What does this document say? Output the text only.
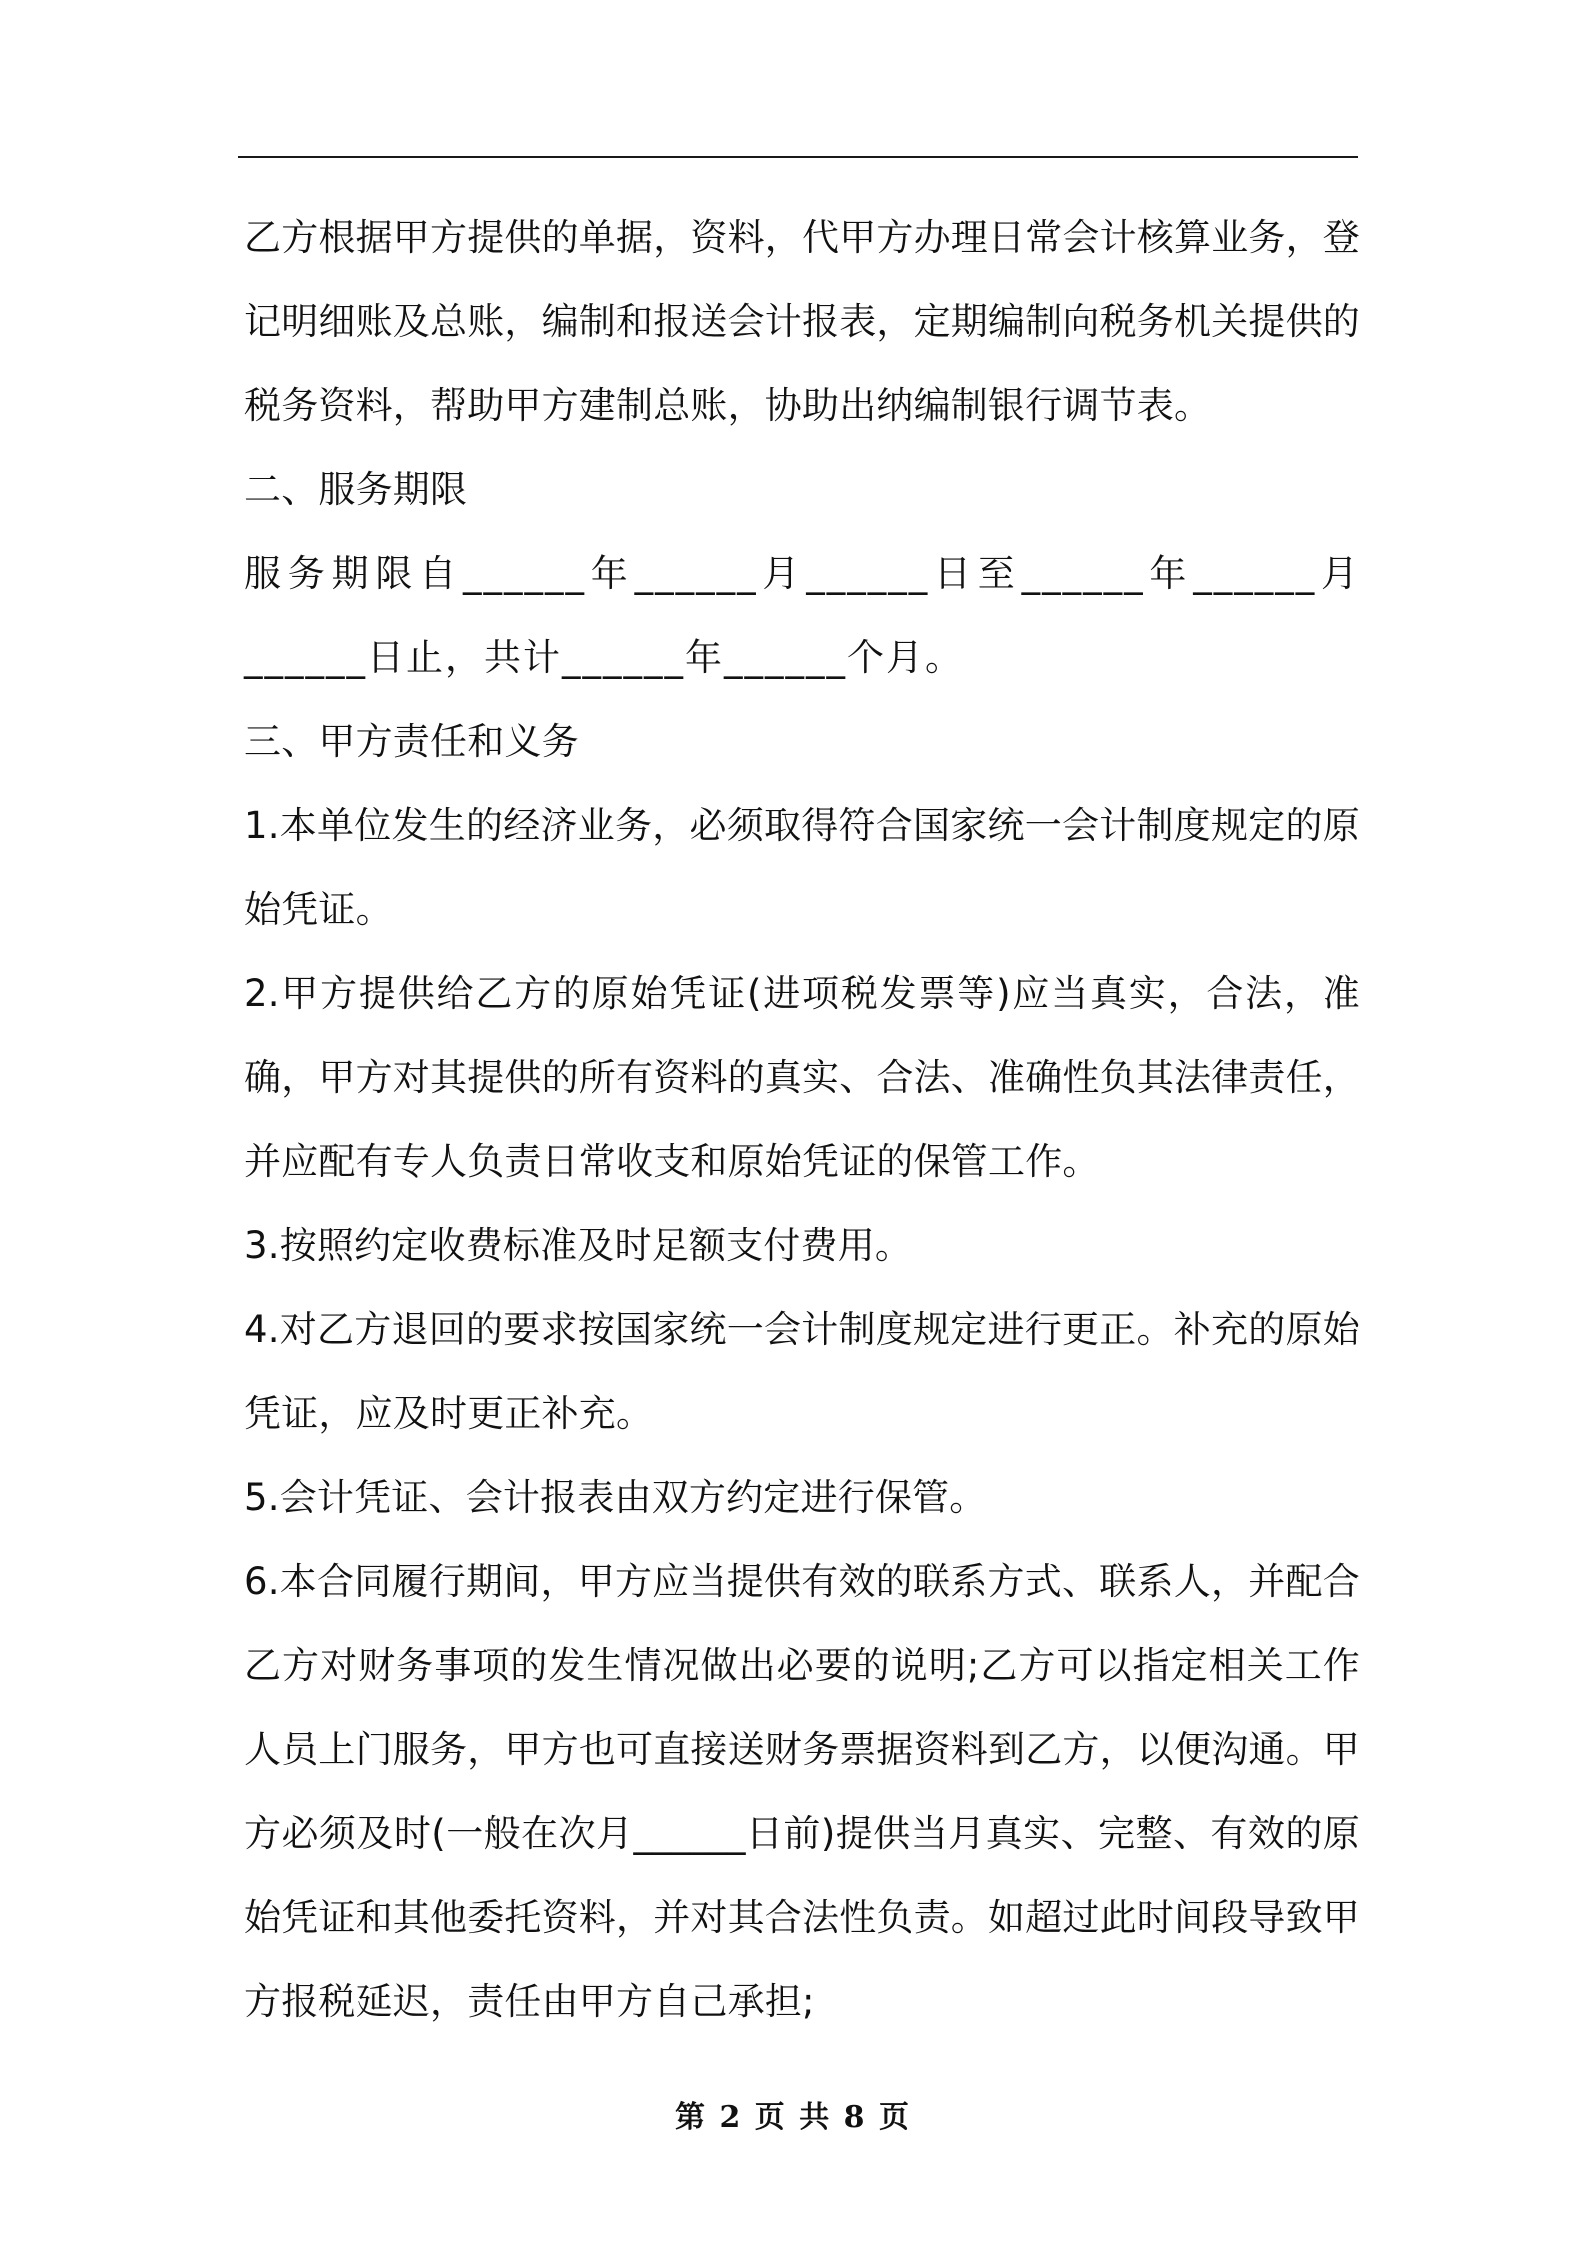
乙方根据甲方提供的单据，资料，代甲方办理日常会计核算业务，登记明细账及总账，编制和报送会计报表，定期编制向税务机关提供的税务资料，帮助甲方建制总账，协助出纳编制银行调节表。

二、服务期限

服务期限自______年______月______日至______年______月______日止，共计______年______个月。

三、甲方责任和义务

1.本单位发生的经济业务，必须取得符合国家统一会计制度规定的原始凭证。

2.甲方提供给乙方的原始凭证(进项税发票等)应当真实，合法，准确，甲方对其提供的所有资料的真实、合法、准确性负其法律责任，并应配有专人负责日常收支和原始凭证的保管工作。

3.按照约定收费标准及时足额支付费用。

4.对乙方退回的要求按国家统一会计制度规定进行更正。补充的原始凭证，应及时更正补充。

5.会计凭证、会计报表由双方约定进行保管。

6.本合同履行期间，甲方应当提供有效的联系方式、联系人，并配合乙方对财务事项的发生情况做出必要的说明;乙方可以指定相关工作人员上门服务，甲方也可直接送财务票据资料到乙方，以便沟通。甲方必须及时(一般在次月______日前)提供当月真实、完整、有效的原始凭证和其他委托资料，并对其合法性负责。如超过此时间段导致甲方报税延迟，责任由甲方自己承担;

第 2 页 共 8 页
